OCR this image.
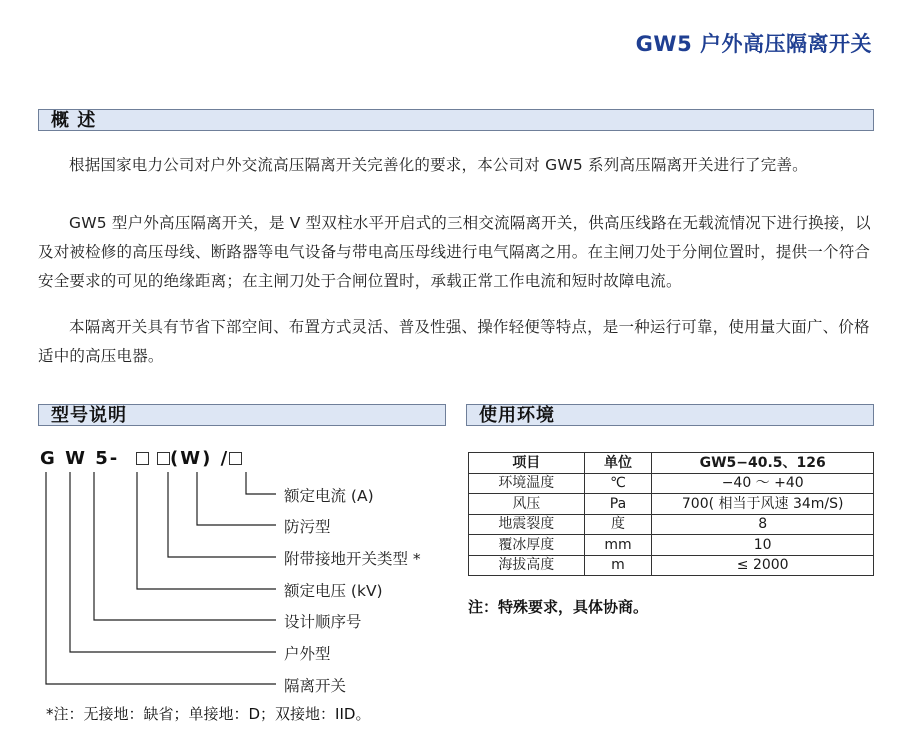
GW5 户外高压隔离开关
概 述

根据国家电力公司对户外交流高压隔离开关完善化的要求，本公司对 GW5 系列高压隔离开关进行了完善。

GW5 型户外高压隔离开关，是 V 型双柱水平开启式的三相交流隔离开关，供高压线路在无载流情况下进行换接，以及对被检修的高压母线、断路器等电气设备与带电高压母线进行电气隔离之用。在主闸刀处于分闸位置时，提供一个符合安全要求的可见的绝缘距离；在主闸刀处于合闸位置时，承载正常工作电流和短时故障电流。

本隔离开关具有节省下部空间、布置方式灵活、普及性强、操作轻便等特点，是一种运行可靠，使用量大面广、价格适中的高压电器。

型号说明
G W 5-	(W) /
额定电流 (A)
防污型
附带接地开关类型 *
额定电压 (kV)
设计顺序号
户外型
隔离开关
*注：无接地：缺省；单接地：D；双接地：IID。
使用环境
项目	单位	GW5−40.5、126
环境温度	℃	−40 ～ +40
风压	Pa	700( 相当于风速 34m/S)
地震裂度	度	8
覆冰厚度	mm	10
海拔高度	m	≤ 2000
注：特殊要求，具体协商。
